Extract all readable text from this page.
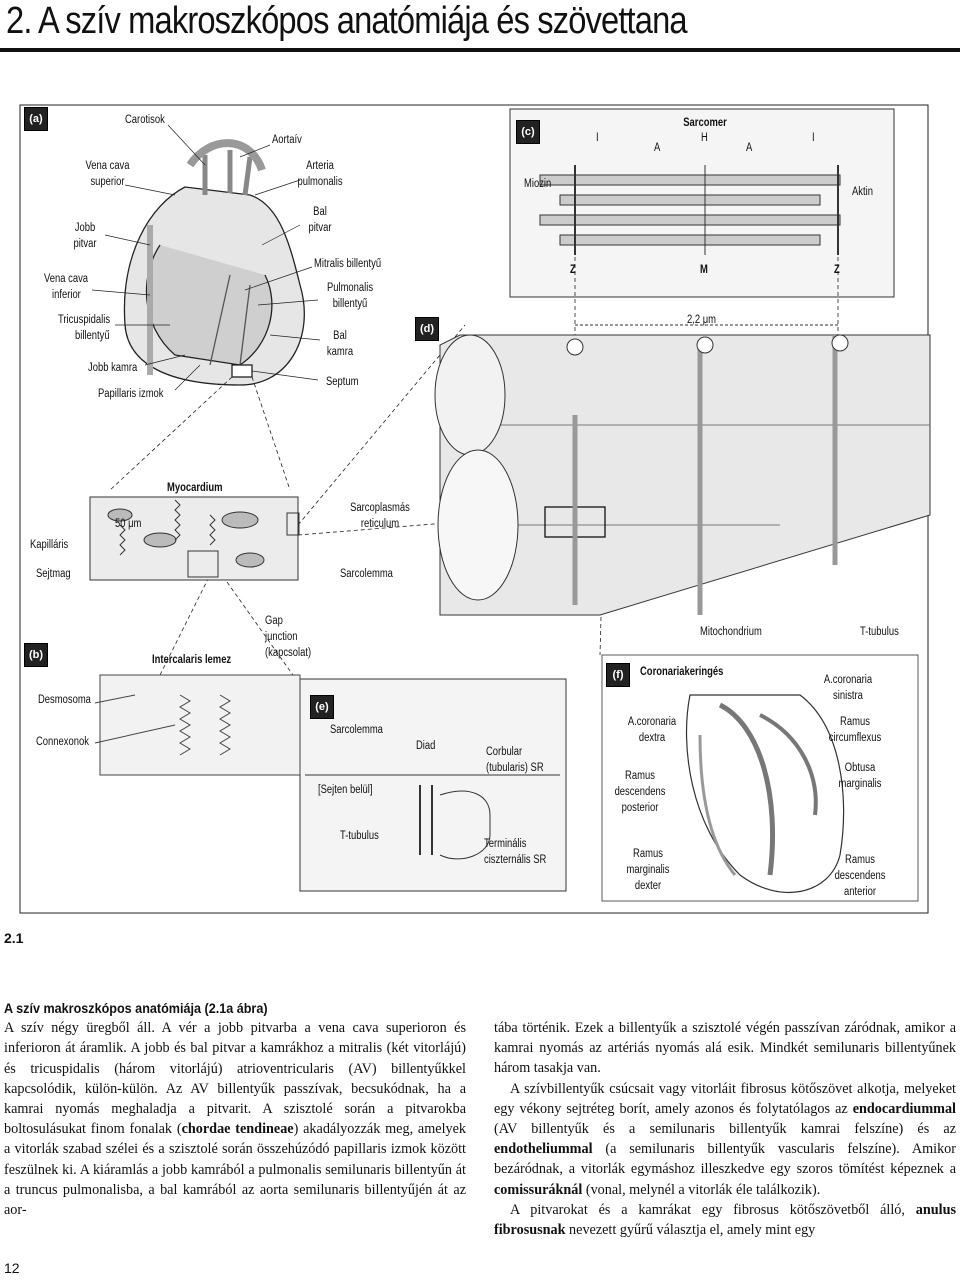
2. A szív makroszkópos anatómiája és szövettana
(a)
(c)
(d)
(b)
(e)
(f)
Carotisok
Aortaív
Vena cava
superior
Arteria
pulmonalis
Jobb
pitvar
Bal
pitvar
Vena cava
inferior
Mitralis billentyű
Pulmonalis
billentyű
Tricuspidalis
billentyű	Bal
kamra
Jobb kamra
Papillaris izmok
Septum
Myocardium
50 μm
Kapilláris
Sejtmag
Sarcoplasmás
reticulum
Sarcolemma
Intercalaris lemez
Gap
junction
(kapcsolat)
Desmosoma
Connexonok
Sarcomer
I	I
A	A
H
Miozin
Aktin
Z	Z
M
2,2 μm
Mitochondrium	T-tubulus
Sarcolemma
Diad	Corbular
(tubularis) SR
[Sejten belül]
T-tubulus
Terminális
ciszternális SR
Coronariakeringés
A.coronaria
sinistra
A.coronaria
dextra
Ramus
circumflexus
Obtusa
marginalis
Ramus
descendens
posterior
Ramus
marginalis
dexter
Ramus
descendens
anterior
2.1
A szív makroszkópos anatómiája (2.1a ábra)

A szív négy üregből áll. A vér a jobb pitvarba a vena cava superioron és inferioron át áramlik. A jobb és bal pitvar a kamrákhoz a mitralis (két vitorlájú) és tricuspidalis (három vitorlájú) atrioventricularis (AV) billentyűkkel kapcsolódik, külön-külön. Az AV billentyűk passzívak, becsukódnak, ha a kamrai nyomás meghaladja a pitvarit. A szisztolé során a pitvarokba boltosulásukat finom fonalak (chordae tendineae) akadályozzák meg, amelyek a vitorlák szabad szélei és a szisztolé során összehúzódó papillaris izmok között feszülnek ki. A kiáramlás a jobb kamrából a pulmonalis semilunaris billentyűn át a truncus pulmonalisba, a bal kamrából az aorta semilunaris billentyűjén át az aor-

tába történik. Ezek a billentyűk a szisztolé végén passzívan záródnak, amikor a kamrai nyomás az artériás nyomás alá esik. Mindkét semilunaris billentyűnek három tasakja van.

A szívbillentyűk csúcsait vagy vitorláit fibrosus kötőszövet alkotja, melyeket egy vékony sejtréteg borít, amely azonos és folytatólagos az endocardiummal (AV billentyűk és a semilunaris billentyűk kamrai felszíne) és az endotheliummal (a semilunaris billentyűk vascularis felszíne). Amikor bezáródnak, a vitorlák egymáshoz illeszkedve egy szoros tömítést képeznek a comissuráknál (vonal, melynél a vitorlák éle találkozik).

A pitvarokat és a kamrákat egy fibrosus kötőszövetből álló, anulus fibrosusnak nevezett gyűrű választja el, amely mint egy

12
